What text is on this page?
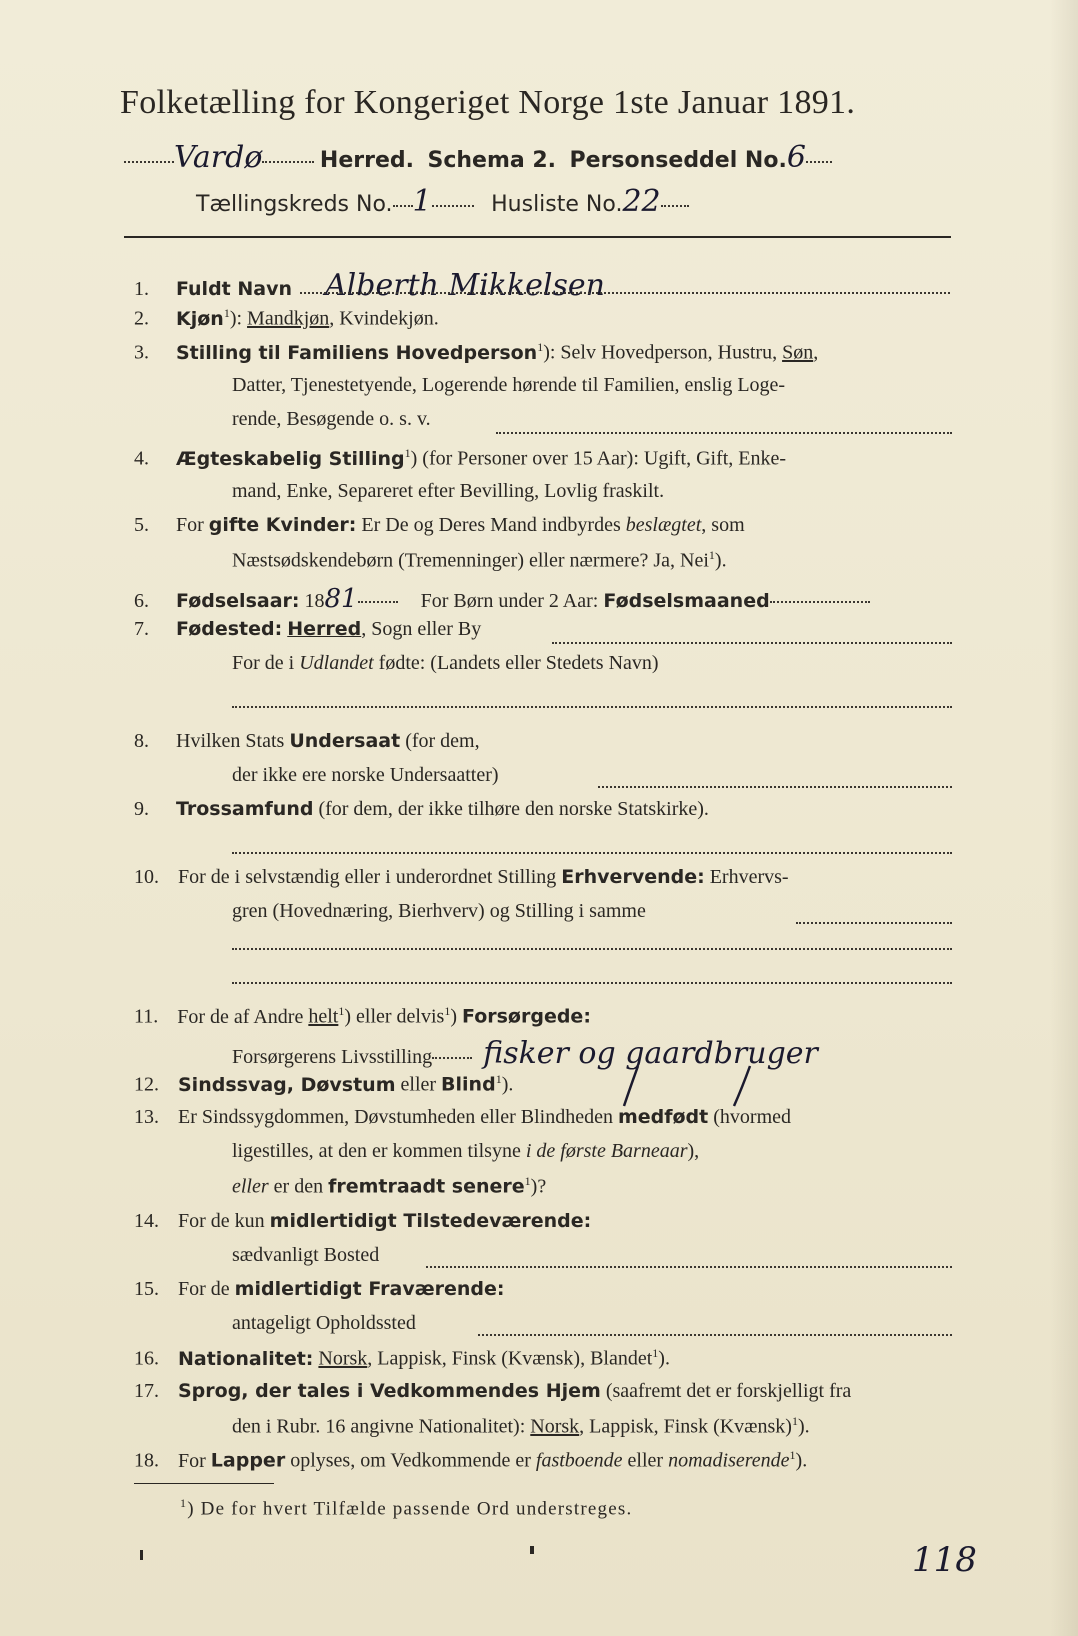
Folketælling for Kongeriget Norge 1ste Januar 1891.
Vardø	Herred. Schema 2. Personseddel No.6
Tællingskreds No. 1	Husliste No.22
1. Fuldt Navn Alberth Mikkelsen
2. Kjøn$^1$): Mandkjøn, Kvindekjøn.
3. Stilling til Familiens Hovedperson$^1$): Selv Hovedperson, Hustru, Søn,
Datter, Tjenestetyende, Logerende hørende til Familien, enslig Loge-
rende, Besøgende o. s. v.
4. Ægteskabelig Stilling$^1$) (for Personer over 15 Aar): Ugift, Gift, Enke-
mand, Enke, Separeret efter Bevilling, Lovlig fraskilt.
5. For gifte Kvinder: Er De og Deres Mand indbyrdes beslægtet, som
Næstsødskendebørn (Tremenninger) eller nærmere? Ja, Nei$^1$).
6. Fødselsaar: 1881	For Børn under 2 Aar: Fødselsmaaned
7. Fødested: Herred, Sogn eller By
For de i Udlandet fødte: (Landets eller Stedets Navn)
8. Hvilken Stats Undersaat (for dem,
der ikke ere norske Undersaatter)
9. Trossamfund (for dem, der ikke tilhøre den norske Statskirke).
10. For de i selvstændig eller i underordnet Stilling Erhvervende: Erhvervs-
gren (Hovednæring, Bierhverv) og Stilling i samme
11. For de af Andre helt$^1$) eller delvis$^1$) Forsørgede:
Forsørgerens Livsstilling fisker og gaardbruger
12. Sindssvag, Døvstum eller Blind$^1$).
13. Er Sindssygdommen, Døvstumheden eller Blindheden medfødt (hvormed
ligestilles, at den er kommen tilsyne i de første Barneaar),
eller er den fremtraadt senere$^1$)?
14. For de kun midlertidigt Tilstedeværende:
sædvanligt Bosted
15. For de midlertidigt Fraværende:
antageligt Opholdssted
16. Nationalitet: Norsk, Lappisk, Finsk (Kvænsk), Blandet$^1$).
17. Sprog, der tales i Vedkommendes Hjem (saafremt det er forskjelligt fra
den i Rubr. 16 angivne Nationalitet): Norsk, Lappisk, Finsk (Kvænsk)$^1$).
18. For Lapper oplyses, om Vedkommende er fastboende eller nomadiserende$^1$).
$^1$) De for hvert Tilfælde passende Ord understreges.
118
